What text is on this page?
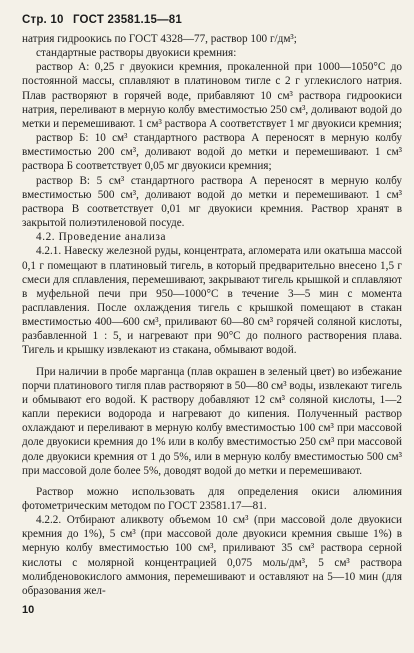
Стр. 10 ГОСТ 23581.15—81

натрия гидроокись по ГОСТ 4328—77, раствор 100 г/дм³;

стандартные растворы двуокиси кремния:

раствор А: 0,25 г двуокиси кремния, прокаленной при 1000—1050°С до постоянной массы, сплавляют в платиновом тигле с 2 г углекислого натрия. Плав растворяют в горячей воде, прибавляют 10 см³ раствора гидроокиси натрия, переливают в мерную колбу вместимостью 250 см³, доливают водой до метки и перемешивают. 1 см³ раствора А соответствует 1 мг двуокиси кремния;

раствор Б: 10 см³ стандартного раствора А переносят в мерную колбу вместимостью 200 см³, доливают водой до метки и перемешивают. 1 см³ раствора Б соответствует 0,05 мг двуокиси кремния;

раствор В: 5 см³ стандартного раствора А переносят в мерную колбу вместимостью 500 см³, доливают водой до метки и перемешивают. 1 см³ раствора В соответствует 0,01 мг двуокиси кремния. Раствор хранят в закрытой полиэтиленовой посуде.

4.2. Проведение анализа

4.2.1. Навеску железной руды, концентрата, агломерата или окатыша массой 0,1 г помещают в платиновый тигель, в который предварительно внесено 1,5 г смеси для сплавления, перемешивают, закрывают тигель крышкой и сплавляют в муфельной печи при 950—1000°С в течение 3—5 мин с момента расплавления. После охлаждения тигель с крышкой помещают в стакан вместимостью 400—600 см³, приливают 60—80 см³ горячей соляной кислоты, разбавленной 1 : 5, и нагревают при 90°С до полного растворения плава. Тигель и крышку извлекают из стакана, обмывают водой.

При наличии в пробе марганца (плав окрашен в зеленый цвет) во избежание порчи платинового тигля плав растворяют в 50—80 см³ воды, извлекают тигель и обмывают его водой. К раствору добавляют 12 см³ соляной кислоты, 1—2 капли перекиси водорода и нагревают до кипения. Полученный раствор охлаждают и переливают в мерную колбу вместимостью 100 см³ при массовой доле двуокиси кремния до 1% или в колбу вместимостью 250 см³ при массовой доле двуокиси кремния от 1 до 5%, или в мерную колбу вместимостью 500 см³ при массовой доле более 5%, доводят водой до метки и перемешивают.

Раствор можно использовать для определения окиси алюминия фотометрическим методом по ГОСТ 23581.17—81.

4.2.2. Отбирают аликвоту объемом 10 см³ (при массовой доле двуокиси кремния до 1%), 5 см³ (при массовой доле двуокиси кремния свыше 1%) в мерную колбу вместимостью 100 см³, приливают 35 см³ раствора серной кислоты с молярной концентрацией 0,075 моль/дм³, 5 см³ раствора молибденовокислого аммония, перемешивают и оставляют на 5—10 мин (для образования жел-

10
